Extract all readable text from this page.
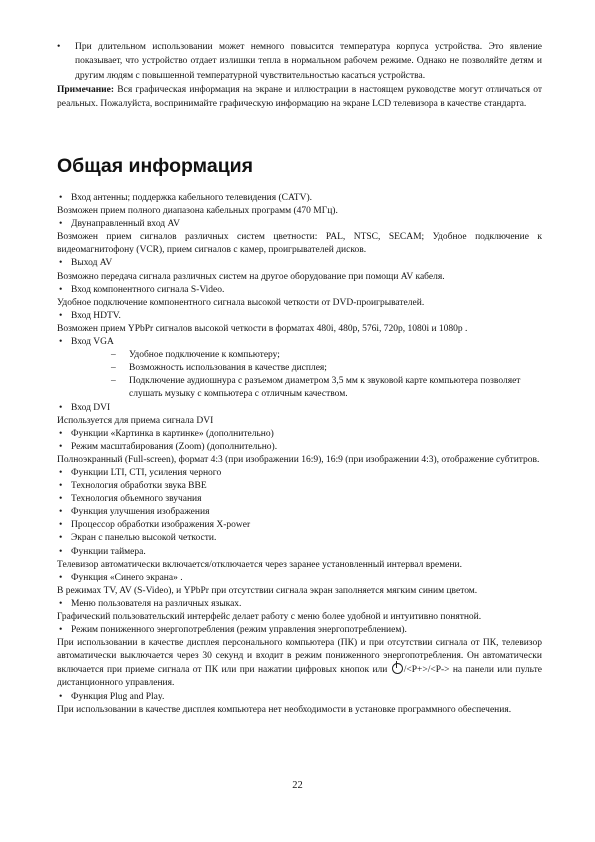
• При длительном использовании может немного повысится температура корпуса устройства. Это явление показывает, что устройство отдает излишки тепла в нормальном рабочем режиме. Однако не позволяйте детям и другим людям с повышенной температурной чувствительностью касаться устройства.
Примечание: Вся графическая информация на экране и иллюстрации в настоящем руководстве могут отличаться от реальных. Пожалуйста, воспринимайте графическую информацию на экране LCD телевизора в качестве стандарта.
Общая информация
• Вход антенны; поддержка кабельного телевидения (CATV).
Возможен прием полного диапазона кабельных программ (470 МГц).
• Двунаправленный вход AV
Возможен прием сигналов различных систем цветности: PAL, NTSC, SECAM; Удобное подключение к видеомагнитофону (VCR), прием сигналов с камер, проигрывателей дисков.
• Выход AV
Возможно передача сигнала различных систем на другое оборудование при помощи AV кабеля.
• Вход компонентного сигнала S-Video.
Удобное подключение компонентного сигнала высокой четкости от DVD-проигрывателей.
• Вход HDTV.
Возможен прием YPbPr сигналов высокой четкости в форматах 480i, 480p, 576i, 720p, 1080i и 1080p .
• Вход VGA
– Удобное подключение к компьютеру;
– Возможность использования в качестве дисплея;
– Подключение аудиошнура с разъемом диаметром 3,5 мм к звуковой карте компьютера позволяет слушать музыку с компьютера с отличным качеством.
• Вход DVI
Используется для приема сигнала DVI
• Функции «Картинка в картинке» (дополнительно)
• Режим масштабирования (Zoom) (дополнительно).
Полноэкранный (Full-screen), формат 4:3 (при изображении 16:9), 16:9 (при изображении 4:3), отображение субтитров.
• Функции LTI, CTI, усиления черного
• Технология обработки звука BBE
• Технология объемного звучания
• Функция улучшения изображения
• Процессор обработки изображения X-power
• Экран с панелью высокой четкости.
• Функции таймера.
Телевизор автоматически включается/отключается через заранее установленный интервал времени.
• Функция «Синего экрана» .
В режимах TV, AV (S-Video), и YPbPr при отсутствии сигнала экран заполняется мягким синим цветом.
• Меню пользователя на различных языках.
Графический пользовательский интерфейс делает работу с меню более удобной и интуитивно понятной.
• Режим пониженного энергопотребления (режим управления энергопотреблением).
При использовании в качестве дисплея персонального компьютера (ПК) и при отсутствии сигнала от ПК, телевизор автоматически выключается через 30 секунд и входит в режим пониженного энергопотребления. Он автоматически включается при приеме сигнала от ПК или при нажатии цифровых кнопок или /<P+>/<P-> на панели или пульте дистанционного управления.
• Функция Plug and Play.
При использовании в качестве дисплея компьютера нет необходимости в установке программного обеспечения.
22
